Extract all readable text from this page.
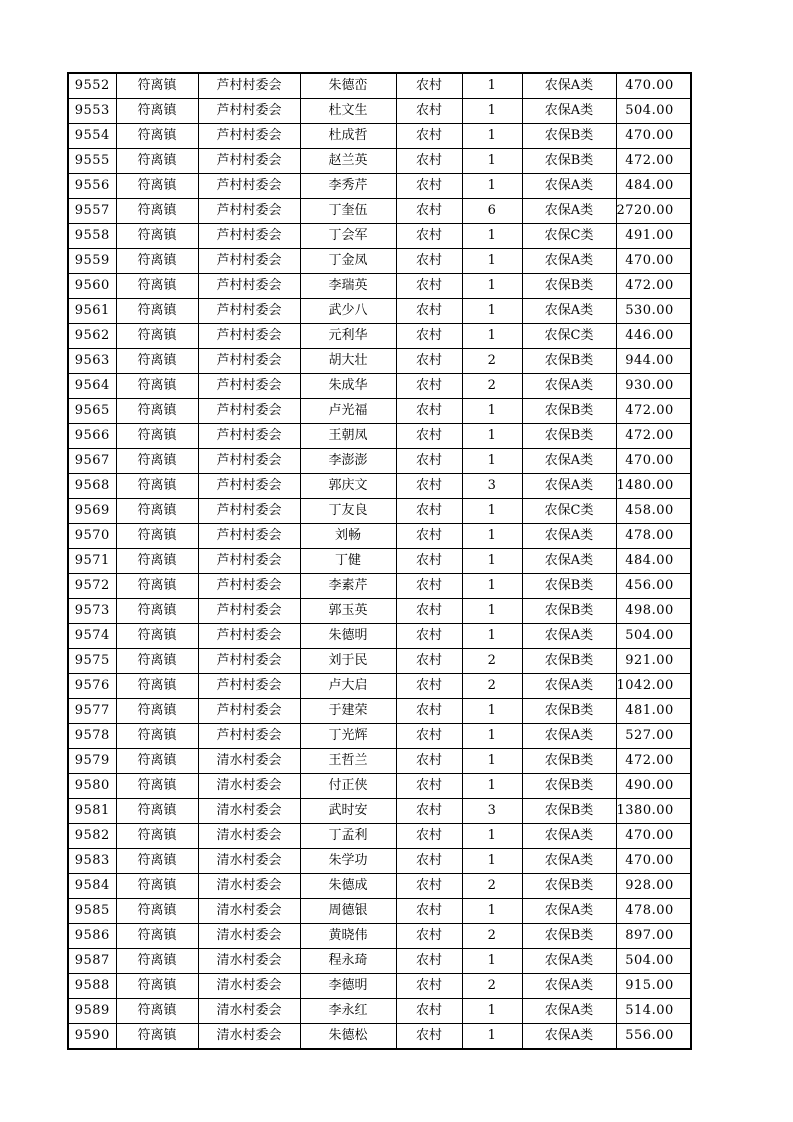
9552	符离镇	芦村村委会	朱德峦	农村	1	农保A类	470.00
9553	符离镇	芦村村委会	杜文生	农村	1	农保A类	504.00
9554	符离镇	芦村村委会	杜成哲	农村	1	农保B类	470.00
9555	符离镇	芦村村委会	赵兰英	农村	1	农保B类	472.00
9556	符离镇	芦村村委会	李秀芹	农村	1	农保A类	484.00
9557	符离镇	芦村村委会	丁奎伍	农村	6	农保A类	2720.00
9558	符离镇	芦村村委会	丁会军	农村	1	农保C类	491.00
9559	符离镇	芦村村委会	丁金凤	农村	1	农保A类	470.00
9560	符离镇	芦村村委会	李瑞英	农村	1	农保B类	472.00
9561	符离镇	芦村村委会	武少八	农村	1	农保A类	530.00
9562	符离镇	芦村村委会	元利华	农村	1	农保C类	446.00
9563	符离镇	芦村村委会	胡大壮	农村	2	农保B类	944.00
9564	符离镇	芦村村委会	朱成华	农村	2	农保A类	930.00
9565	符离镇	芦村村委会	卢光福	农村	1	农保B类	472.00
9566	符离镇	芦村村委会	王朝凤	农村	1	农保B类	472.00
9567	符离镇	芦村村委会	李澎澎	农村	1	农保A类	470.00
9568	符离镇	芦村村委会	郭庆文	农村	3	农保A类	1480.00
9569	符离镇	芦村村委会	丁友良	农村	1	农保C类	458.00
9570	符离镇	芦村村委会	刘畅	农村	1	农保A类	478.00
9571	符离镇	芦村村委会	丁健	农村	1	农保A类	484.00
9572	符离镇	芦村村委会	李素芹	农村	1	农保B类	456.00
9573	符离镇	芦村村委会	郭玉英	农村	1	农保B类	498.00
9574	符离镇	芦村村委会	朱德明	农村	1	农保A类	504.00
9575	符离镇	芦村村委会	刘于民	农村	2	农保B类	921.00
9576	符离镇	芦村村委会	卢大启	农村	2	农保A类	1042.00
9577	符离镇	芦村村委会	于建荣	农村	1	农保B类	481.00
9578	符离镇	芦村村委会	丁光辉	农村	1	农保A类	527.00
9579	符离镇	清水村委会	王哲兰	农村	1	农保B类	472.00
9580	符离镇	清水村委会	付正侠	农村	1	农保B类	490.00
9581	符离镇	清水村委会	武时安	农村	3	农保B类	1380.00
9582	符离镇	清水村委会	丁孟利	农村	1	农保A类	470.00
9583	符离镇	清水村委会	朱学功	农村	1	农保A类	470.00
9584	符离镇	清水村委会	朱德成	农村	2	农保B类	928.00
9585	符离镇	清水村委会	周德银	农村	1	农保A类	478.00
9586	符离镇	清水村委会	黄晓伟	农村	2	农保B类	897.00
9587	符离镇	清水村委会	程永琦	农村	1	农保A类	504.00
9588	符离镇	清水村委会	李德明	农村	2	农保A类	915.00
9589	符离镇	清水村委会	李永红	农村	1	农保A类	514.00
9590	符离镇	清水村委会	朱德松	农村	1	农保A类	556.00
